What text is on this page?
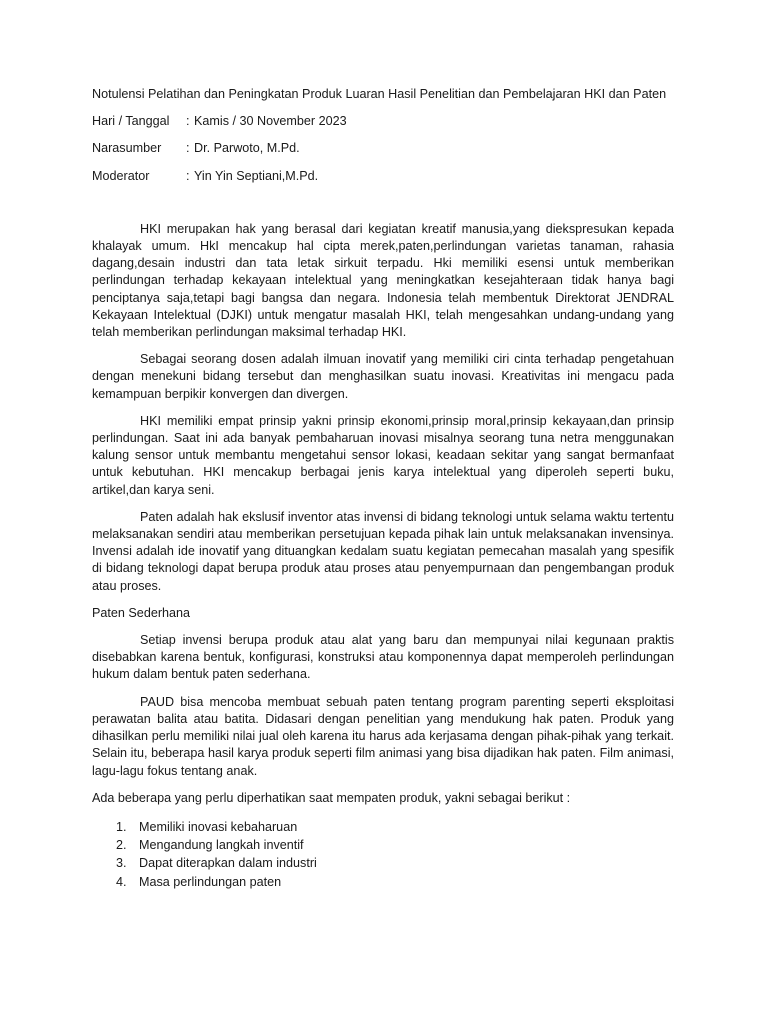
Notulensi Pelatihan dan Peningkatan Produk Luaran Hasil Penelitian dan Pembelajaran HKI dan Paten

Hari / Tanggal	: Kamis / 30 November 2023
Narasumber	: Dr. Parwoto, M.Pd.
Moderator	: Yin Yin Septiani,M.Pd.

HKI merupakan hak yang berasal dari kegiatan kreatif manusia,yang diekspresukan kepada khalayak umum. HkI mencakup hal cipta merek,paten,perlindungan varietas tanaman, rahasia dagang,desain industri dan tata letak sirkuit terpadu. Hki memiliki esensi untuk memberikan perlindungan terhadap kekayaan intelektual yang meningkatkan kesejahteraan tidak hanya bagi penciptanya saja,tetapi bagi bangsa dan negara. Indonesia telah membentuk Direktorat JENDRAL Kekayaan Intelektual (DJKI) untuk mengatur masalah HKI, telah mengesahkan undang-undang yang telah memberikan perlindungan maksimal terhadap HKI.

Sebagai seorang dosen adalah ilmuan inovatif yang memiliki ciri cinta terhadap pengetahuan dengan menekuni bidang tersebut dan menghasilkan suatu inovasi. Kreativitas ini mengacu pada kemampuan berpikir konvergen dan divergen.

HKI memiliki empat prinsip yakni prinsip ekonomi,prinsip moral,prinsip kekayaan,dan prinsip perlindungan. Saat ini ada banyak pembaharuan inovasi misalnya seorang tuna netra menggunakan kalung sensor untuk membantu mengetahui sensor lokasi, keadaan sekitar yang sangat bermanfaat untuk kebutuhan. HKI mencakup berbagai jenis karya intelektual yang diperoleh seperti buku, artikel,dan karya seni.

Paten adalah hak ekslusif inventor atas invensi di bidang teknologi untuk selama waktu tertentu melaksanakan sendiri atau memberikan persetujuan kepada pihak lain untuk melaksanakan invensinya. Invensi adalah ide inovatif yang dituangkan kedalam suatu kegiatan pemecahan masalah yang spesifik di bidang teknologi dapat berupa produk atau proses atau penyempurnaan dan pengembangan produk atau proses.

Paten Sederhana

Setiap invensi berupa produk atau alat yang baru dan mempunyai nilai kegunaan praktis disebabkan karena bentuk, konfigurasi, konstruksi atau komponennya dapat memperoleh perlindungan hukum dalam bentuk paten sederhana.

PAUD bisa mencoba membuat sebuah paten tentang program parenting seperti eksploitasi perawatan balita atau batita. Didasari dengan penelitian yang mendukung hak paten. Produk yang dihasilkan perlu memiliki nilai jual oleh karena itu harus ada kerjasama dengan pihak-pihak yang terkait. Selain itu, beberapa hasil karya produk seperti film animasi yang bisa dijadikan hak paten. Film animasi, lagu-lagu fokus tentang anak.

Ada beberapa yang perlu diperhatikan saat mempaten produk, yakni sebagai berikut :

1. Memiliki inovasi kebaharuan
2. Mengandung langkah inventif
3. Dapat diterapkan dalam industri
4. Masa perlindungan paten
